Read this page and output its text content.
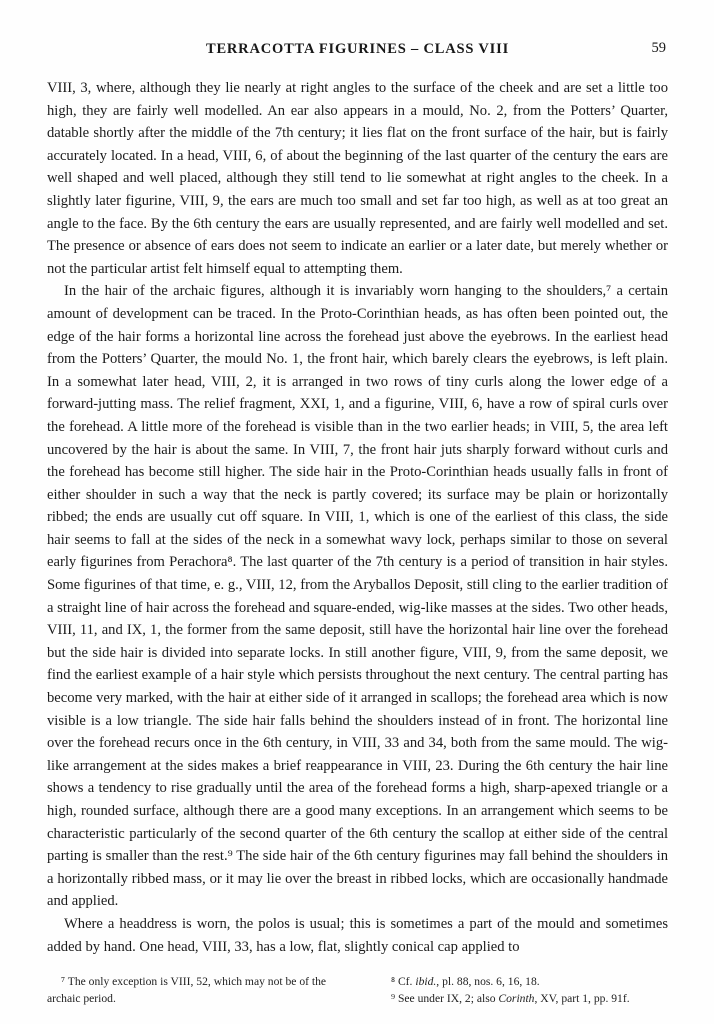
TERRACOTTA FIGURINES – CLASS VIII	59

VIII, 3, where, although they lie nearly at right angles to the surface of the cheek and are set a little too high, they are fairly well modelled. An ear also appears in a mould, No. 2, from the Potters’ Quarter, datable shortly after the middle of the 7th century; it lies flat on the front surface of the hair, but is fairly accurately located. In a head, VIII, 6, of about the beginning of the last quarter of the century the ears are well shaped and well placed, although they still tend to lie somewhat at right angles to the cheek. In a slightly later figurine, VIII, 9, the ears are much too small and set far too high, as well as at too great an angle to the face. By the 6th century the ears are usually represented, and are fairly well modelled and set. The presence or absence of ears does not seem to indicate an earlier or a later date, but merely whether or not the particular artist felt himself equal to attempting them.

In the hair of the archaic figures, although it is invariably worn hanging to the shoulders,⁷ a certain amount of development can be traced. In the Proto-Corinthian heads, as has often been pointed out, the edge of the hair forms a horizontal line across the forehead just above the eyebrows. In the earliest head from the Potters’ Quarter, the mould No. 1, the front hair, which barely clears the eyebrows, is left plain. In a somewhat later head, VIII, 2, it is arranged in two rows of tiny curls along the lower edge of a forward-jutting mass. The relief fragment, XXI, 1, and a figurine, VIII, 6, have a row of spiral curls over the forehead. A little more of the forehead is visible than in the two earlier heads; in VIII, 5, the area left uncovered by the hair is about the same. In VIII, 7, the front hair juts sharply forward without curls and the forehead has become still higher. The side hair in the Proto-Corinthian heads usually falls in front of either shoulder in such a way that the neck is partly covered; its surface may be plain or horizontally ribbed; the ends are usually cut off square. In VIII, 1, which is one of the earliest of this class, the side hair seems to fall at the sides of the neck in a somewhat wavy lock, perhaps similar to those on several early figurines from Perachora⁸. The last quarter of the 7th century is a period of transition in hair styles. Some figurines of that time, e. g., VIII, 12, from the Aryballos Deposit, still cling to the earlier tradition of a straight line of hair across the forehead and square-ended, wig-like masses at the sides. Two other heads, VIII, 11, and IX, 1, the former from the same deposit, still have the horizontal hair line over the forehead but the side hair is divided into separate locks. In still another figure, VIII, 9, from the same deposit, we find the earliest example of a hair style which persists throughout the next century. The central parting has become very marked, with the hair at either side of it arranged in scallops; the forehead area which is now visible is a low triangle. The side hair falls behind the shoulders instead of in front. The horizontal line over the forehead recurs once in the 6th century, in VIII, 33 and 34, both from the same mould. The wig-like arrangement at the sides makes a brief reappearance in VIII, 23. During the 6th century the hair line shows a tendency to rise gradually until the area of the forehead forms a high, sharp-apexed triangle or a high, rounded surface, although there are a good many exceptions. In an arrangement which seems to be characteristic particularly of the second quarter of the 6th century the scallop at either side of the central parting is smaller than the rest.⁹ The side hair of the 6th century figurines may fall behind the shoulders in a horizontally ribbed mass, or it may lie over the breast in ribbed locks, which are occasionally handmade and applied.

Where a headdress is worn, the polos is usual; this is sometimes a part of the mould and sometimes added by hand. One head, VIII, 33, has a low, flat, slightly conical cap applied to

⁷ The only exception is VIII, 52, which may not be of the archaic period.

⁸ Cf. ibid., pl. 88, nos. 6, 16, 18.

⁹ See under IX, 2; also Corinth, XV, part 1, pp. 91f.
